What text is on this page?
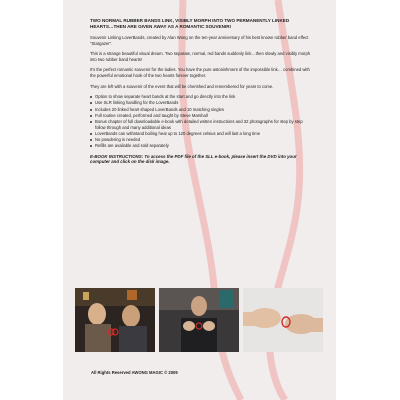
TWO NORMAL RUBBER BANDS LINK, VISIBLY MORPH INTO TWO PERMANENTLY LINKED HEARTS…THEN ARE GIVEN AWAY AS A ROMANTIC SOUVENIR!
Souvenir Linking LoverBands, created by Alan Wong on the ten-year anniversary of his best known rubber band effect "Stargazer".
This is a strange beautiful visual dream. Two separate, normal, red bands suddenly link…then slowly and visibly morph into two rubber band hearts!
It's the perfect romantic souvenir for the ladies. You have the pure astonishment of the impossible link… combined with the powerful emotional hook of the two hearts forever together.
They are left with a souvenir of the event that will be cherished and remembered for years to come.
Option to show separate heart bands at the start and go directly into the link
Use SLR linking handling for the LoverBands
Includes 20 linked heart shaped LoverBands and 10 matching singles
Full routine created, performed and taught by Steve Marshall
Bonus chapter of full downloadable e-book with detailed written instructions and 32 photographs for step by step follow through and many additional ideas
LoverBands can withstand boiling heat up to 120 degrees celsius and will last a long time
No powdering is needed
Refills are available and sold separately
E-BOOK INSTRUCTIONS: To access the PDF file of the SLL e-book, please insert the DVD into your computer and click on the disk image.
All Rights Reserved AWONG MAGIC © 2009
